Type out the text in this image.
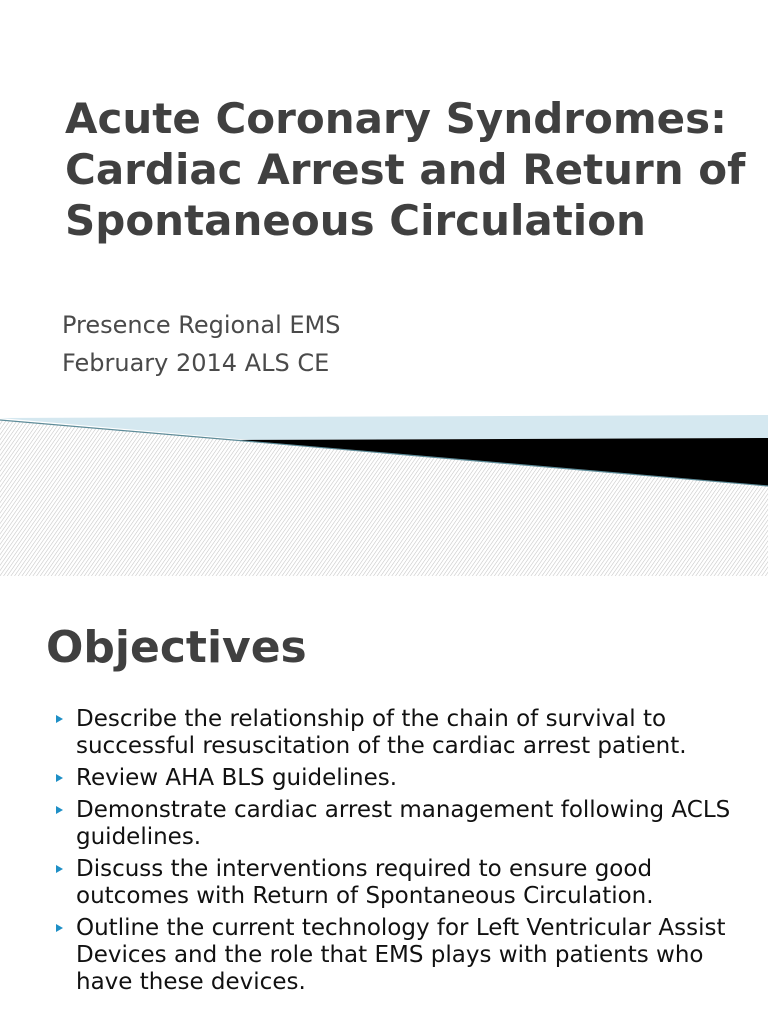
Acute Coronary Syndromes: Cardiac Arrest and Return of Spontaneous Circulation
Presence Regional EMS
February 2014 ALS CE
Objectives
Describe the relationship of the chain of survival to successful resuscitation of the cardiac arrest patient.
Review AHA BLS guidelines.
Demonstrate cardiac arrest management following ACLS guidelines.
Discuss the interventions required to ensure good outcomes with Return of Spontaneous Circulation.
Outline the current technology for Left Ventricular Assist Devices and the role that EMS plays with patients who have these devices.
